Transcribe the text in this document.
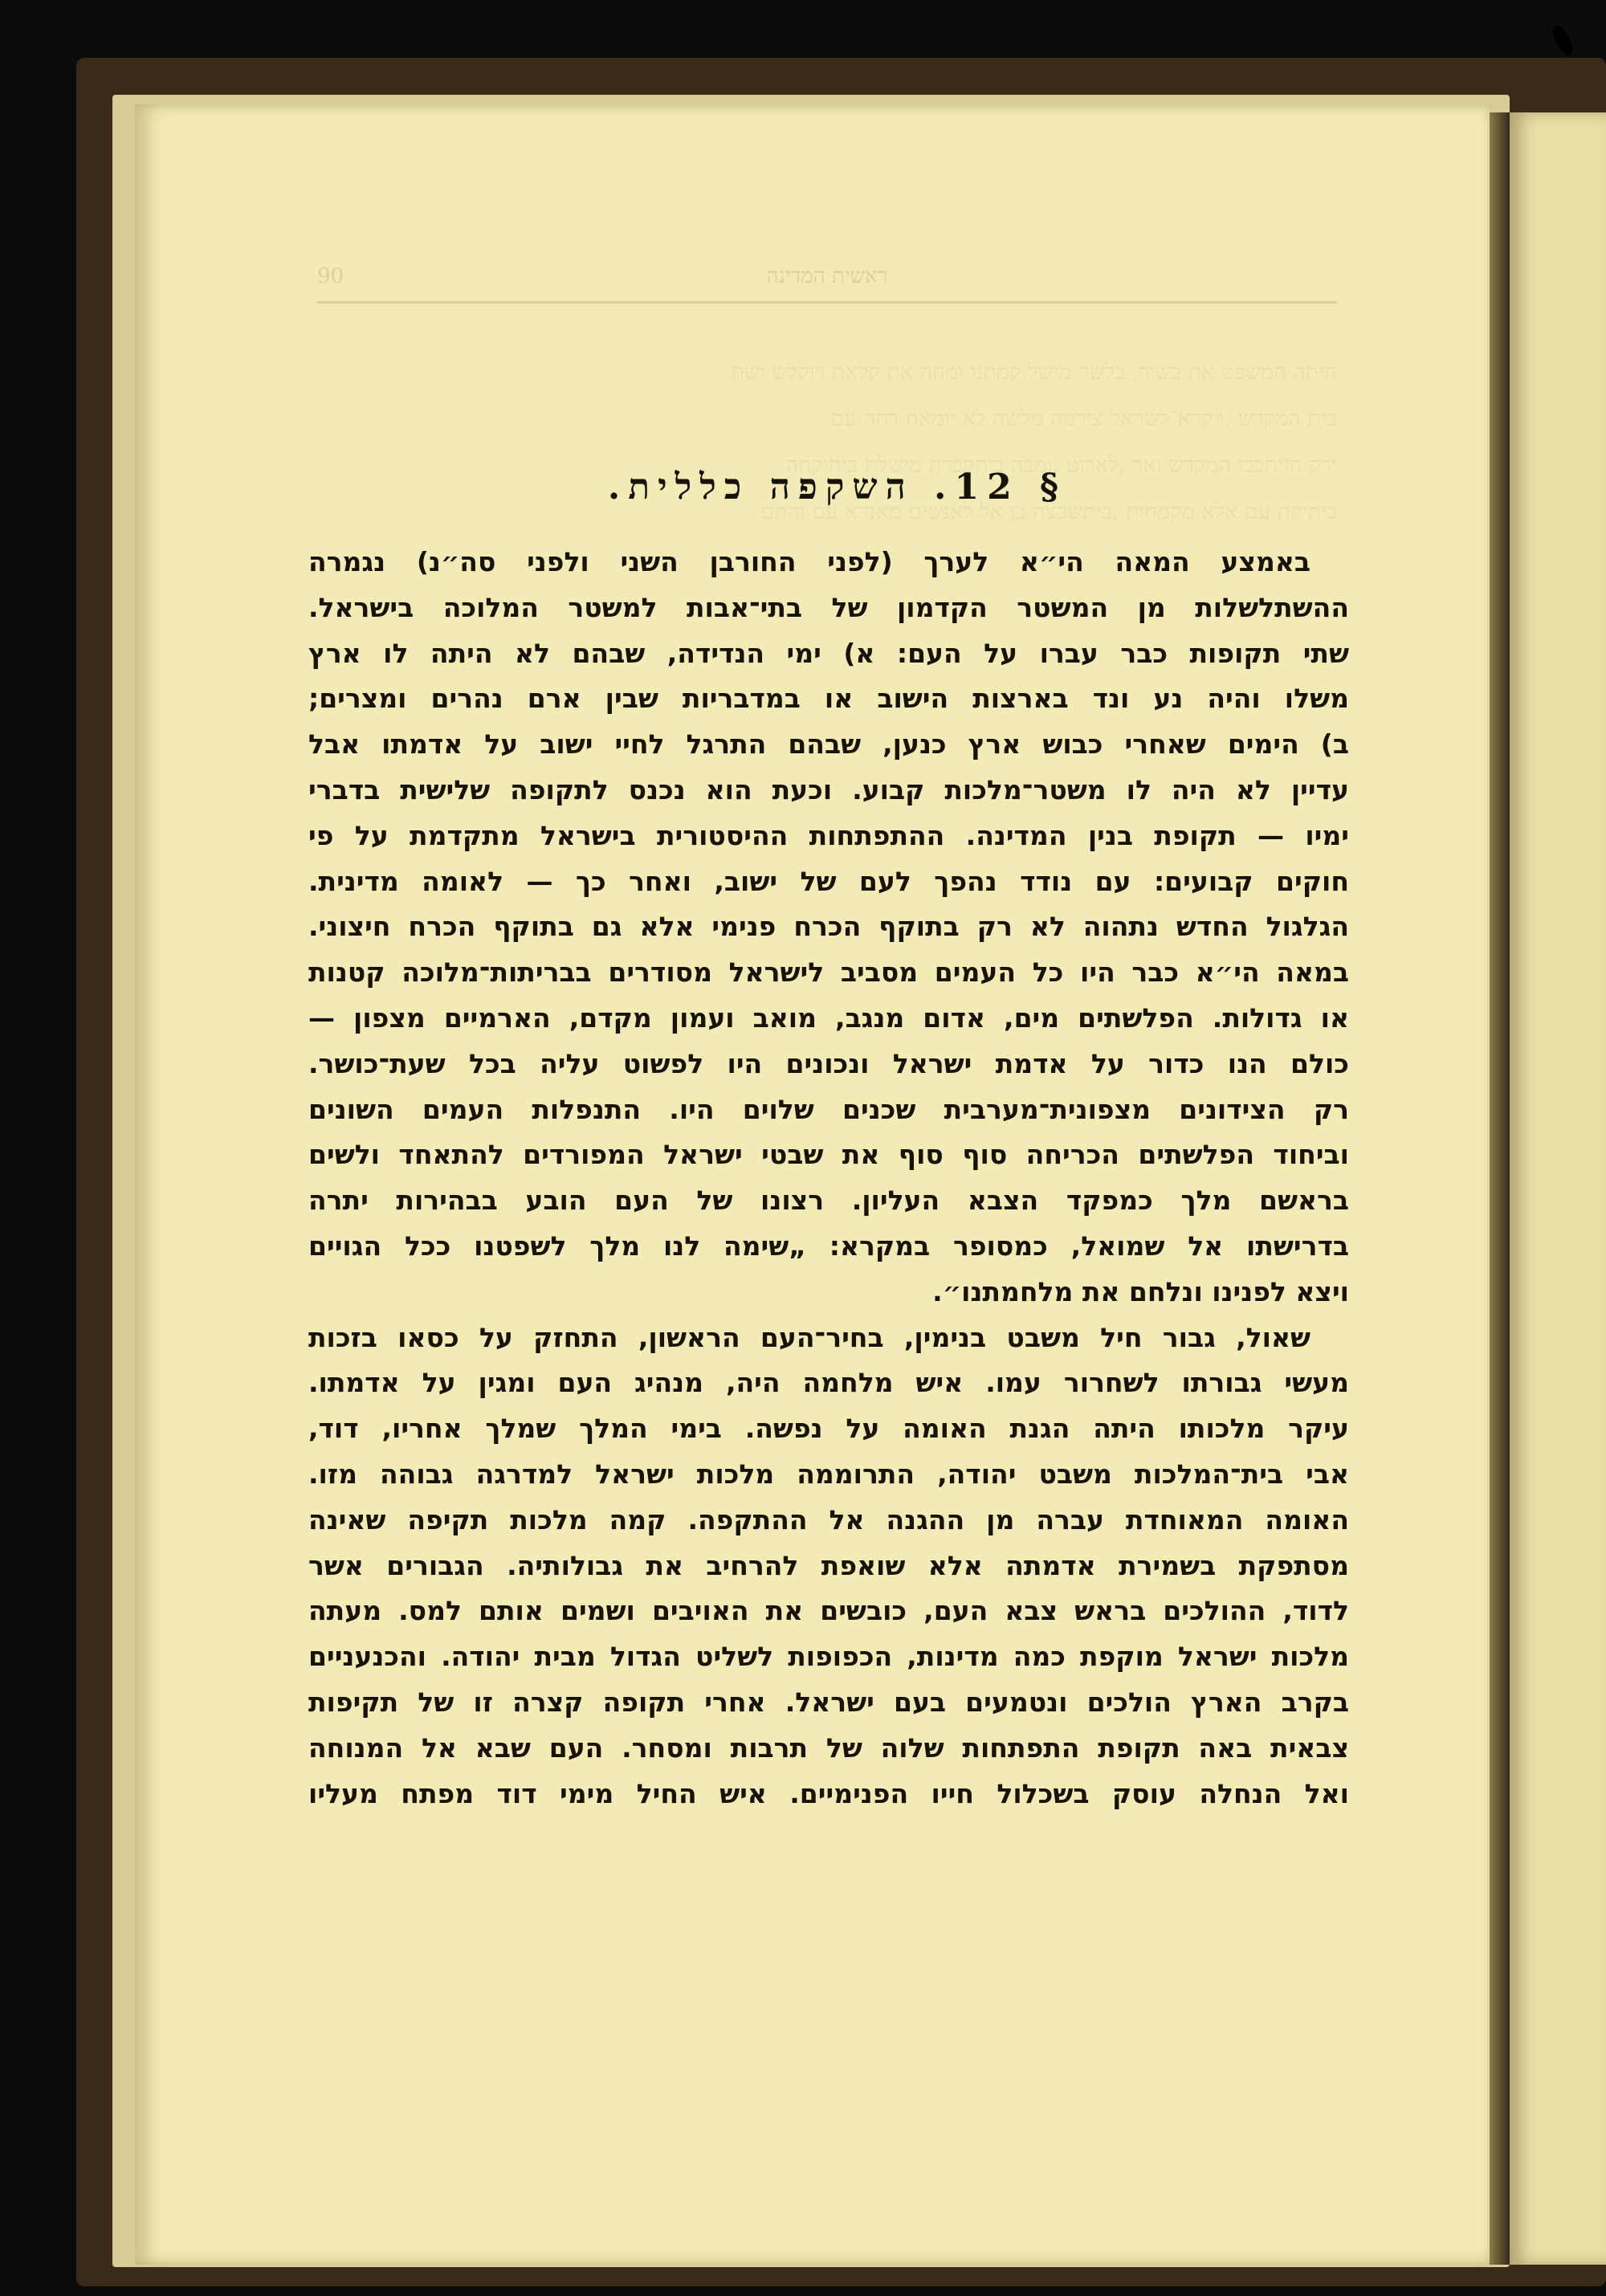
ראשית המדינה
90
היתה המשפט את בשיר, בלשר מישל קמתנו ומחה את קלאת דוקלש ושת
בית המקדש ,ויקרא־לשראל צירמה מלשה לא יומאח דחה עם
ירק חזיתבבו המקדש ואר ,לארוט ,ומבה ביתקברת מישלת ביתוקחה
ביתיקת עם אלא מקמחות ,ביתשבצה בן אל לאנשים מאנרא עם והתם
§ 12. השקפה כללית.
באמצע המאה הי״א לערך (לפני החורבן השני ולפני סה״נ) נגמרה
ההשתלשלות מן המשטר הקדמון של בתי־אבות למשטר המלוכה בישראל.
שתי תקופות כבר עברו על העם: א) ימי הנדידה, שבהם לא היתה לו ארץ
משלו והיה נע ונד בארצות הישוב או במדבריות שבין ארם נהרים ומצרים;
ב) הימים שאחרי כבוש ארץ כנען, שבהם התרגל לחיי ישוב על אדמתו אבל
עדיין לא היה לו משטר־מלכות קבוע. וכעת הוא נכנס לתקופה שלישית בדברי
ימיו — תקופת בנין המדינה. ההתפתחות ההיסטורית בישראל מתקדמת על פי
חוקים קבועים: עם נודד נהפך לעם של ישוב, ואחר כך — לאומה מדינית.
הגלגול החדש נתהוה לא רק בתוקף הכרח פנימי אלא גם בתוקף הכרח חיצוני.
במאה הי״א כבר היו כל העמים מסביב לישראל מסודרים בבריתות־מלוכה קטנות
או גדולות. הפלשתים מים, אדום מנגב, מואב ועמון מקדם, הארמיים מצפון —
כולם הנו כדור על אדמת ישראל ונכונים היו לפשוט עליה בכל שעת־כושר.
רק הצידונים מצפונית־מערבית שכנים שלוים היו. התנפלות העמים השונים
וביחוד הפלשתים הכריחה סוף סוף את שבטי ישראל המפורדים להתאחד ולשים
בראשם מלך כמפקד הצבא העליון. רצונו של העם הובע בבהירות יתרה
בדרישתו אל שמואל, כמסופר במקרא: „שימה לנו מלך לשפטנו ככל הגויים
ויצא לפנינו ונלחם את מלחמתנו״.
שאול, גבור חיל משבט בנימין, בחיר־העם הראשון, התחזק על כסאו בזכות
מעשי גבורתו לשחרור עמו. איש מלחמה היה, מנהיג העם ומגין על אדמתו.
עיקר מלכותו היתה הגנת האומה על נפשה. בימי המלך שמלך אחריו, דוד,
אבי בית־המלכות משבט יהודה, התרוממה מלכות ישראל למדרגה גבוהה מזו.
האומה המאוחדת עברה מן ההגנה אל ההתקפה. קמה מלכות תקיפה שאינה
מסתפקת בשמירת אדמתה אלא שואפת להרחיב את גבולותיה. הגבורים אשר
לדוד, ההולכים בראש צבא העם, כובשים את האויבים ושמים אותם למס. מעתה
מלכות ישראל מוקפת כמה מדינות, הכפופות לשליט הגדול מבית יהודה. והכנעניים
בקרב הארץ הולכים ונטמעים בעם ישראל. אחרי תקופה קצרה זו של תקיפות
צבאית באה תקופת התפתחות שלוה של תרבות ומסחר. העם שבא אל המנוחה
ואל הנחלה עוסק בשכלול חייו הפנימיים. איש החיל מימי דוד מפתח מעליו
